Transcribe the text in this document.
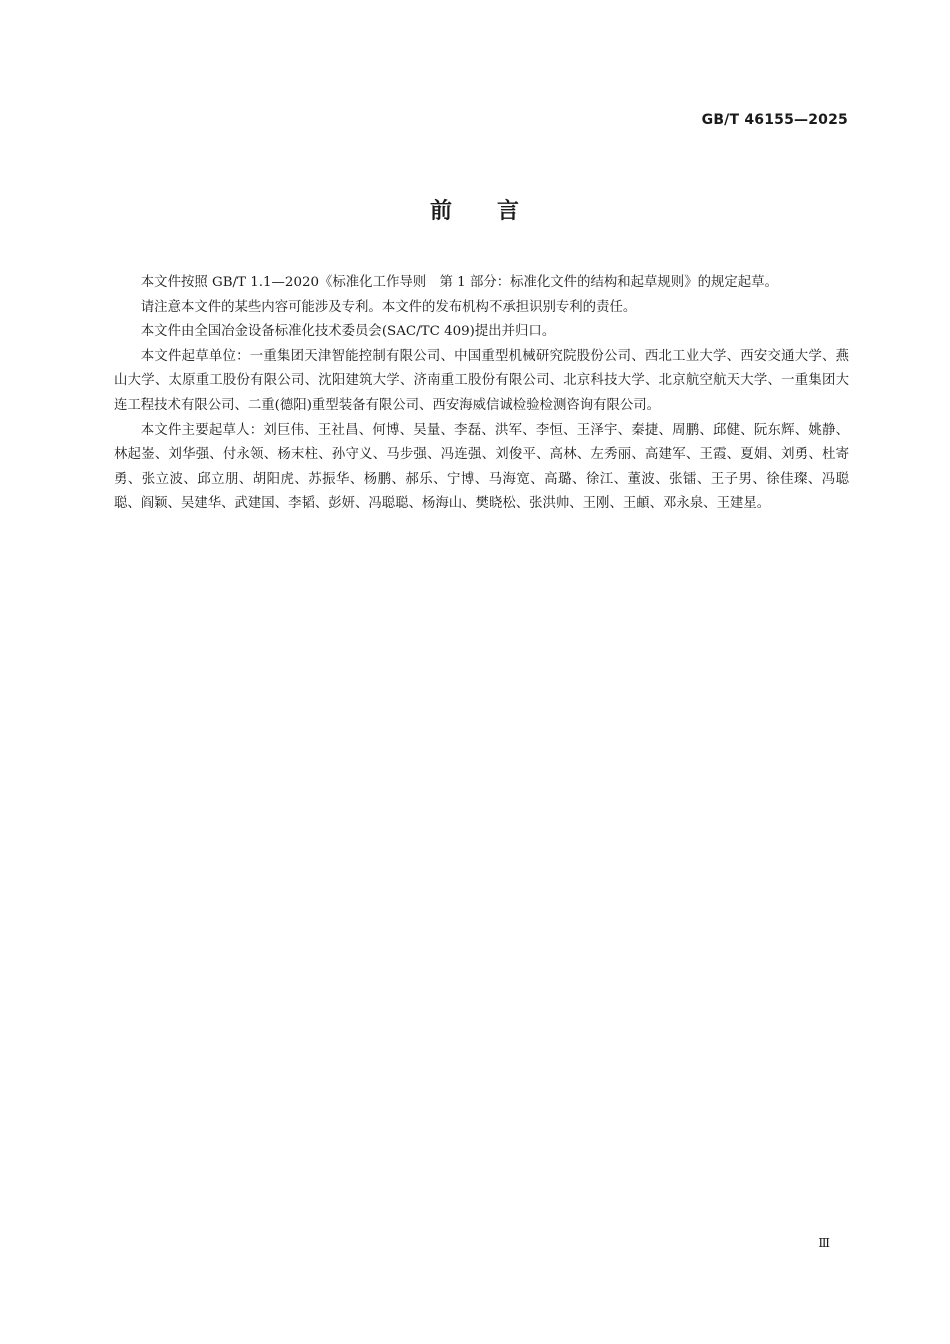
GB/T 46155—2025
前 言

本文件按照 GB/T 1.1—2020《标准化工作导则　第 1 部分：标准化文件的结构和起草规则》的规定起草。

请注意本文件的某些内容可能涉及专利。本文件的发布机构不承担识别专利的责任。

本文件由全国冶金设备标准化技术委员会(SAC/TC 409)提出并归口。

本文件起草单位：一重集团天津智能控制有限公司、中国重型机械研究院股份公司、西北工业大学、西安交通大学、燕山大学、太原重工股份有限公司、沈阳建筑大学、济南重工股份有限公司、北京科技大学、北京航空航天大学、一重集团大连工程技术有限公司、二重(德阳)重型装备有限公司、西安海威信诚检验检测咨询有限公司。

本文件主要起草人：刘巨伟、王社昌、何博、吴量、李磊、洪军、李恒、王泽宇、秦捷、周鹏、邱健、阮东辉、姚静、林起崟、刘华强、付永领、杨末柱、孙守义、马步强、冯连强、刘俊平、高林、左秀丽、高建军、王霞、夏娟、刘勇、杜寄勇、张立波、邱立朋、胡阳虎、苏振华、杨鹏、郝乐、宁博、马海宽、高璐、徐江、董波、张镭、王子男、徐佳璨、冯聪聪、阎颖、吴建华、武建国、李韬、彭妍、冯聪聪、杨海山、樊晓松、张洪帅、王刚、王頔、邓永泉、王建星。

Ⅲ
